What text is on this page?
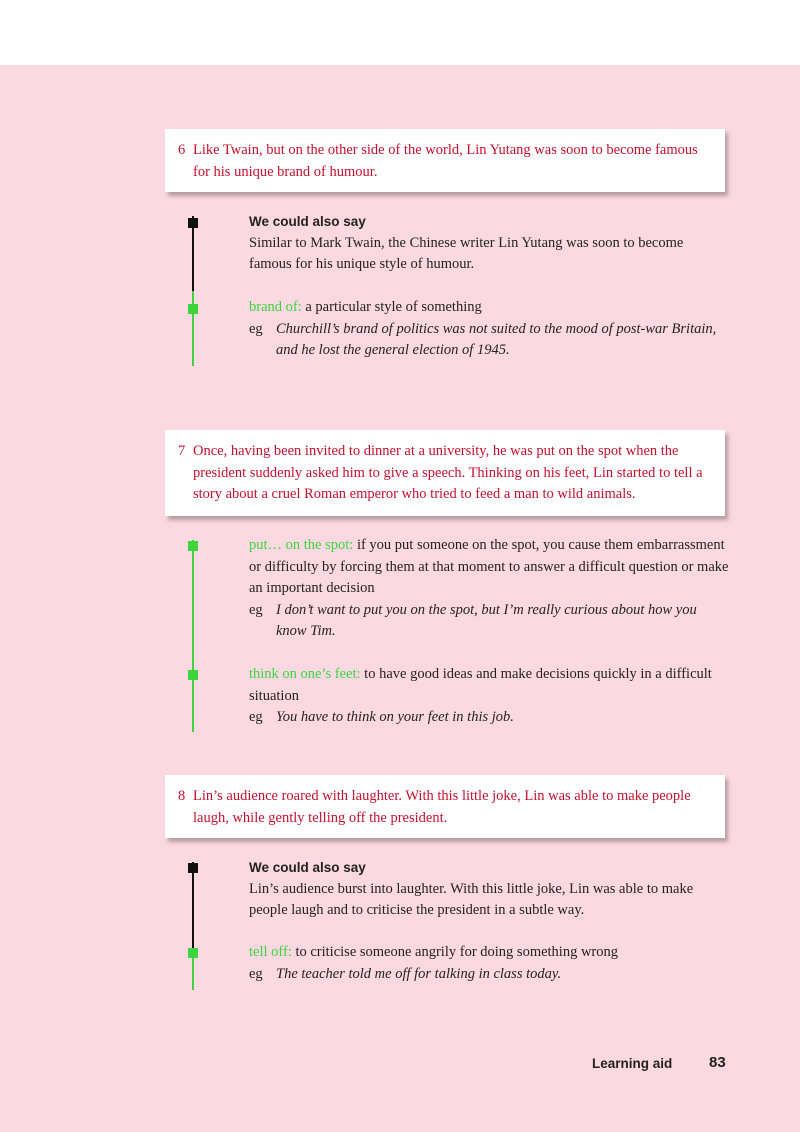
6 Like Twain, but on the other side of the world, Lin Yutang was soon to become famous for his unique brand of humour.
We could also say
Similar to Mark Twain, the Chinese writer Lin Yutang was soon to become famous for his unique style of humour.
brand of: a particular style of something
eg Churchill’s brand of politics was not suited to the mood of post-war Britain, and he lost the general election of 1945.
7 Once, having been invited to dinner at a university, he was put on the spot when the president suddenly asked him to give a speech. Thinking on his feet, Lin started to tell a story about a cruel Roman emperor who tried to feed a man to wild animals.
put… on the spot: if you put someone on the spot, you cause them embarrassment or difficulty by forcing them at that moment to answer a difficult question or make an important decision
eg I don’t want to put you on the spot, but I’m really curious about how you know Tim.
think on one’s feet: to have good ideas and make decisions quickly in a difficult situation
eg You have to think on your feet in this job.
8 Lin’s audience roared with laughter. With this little joke, Lin was able to make people laugh, while gently telling off the president.
We could also say
Lin’s audience burst into laughter. With this little joke, Lin was able to make people laugh and to criticise the president in a subtle way.
tell off: to criticise someone angrily for doing something wrong
eg The teacher told me off for talking in class today.
Learning aid 83
